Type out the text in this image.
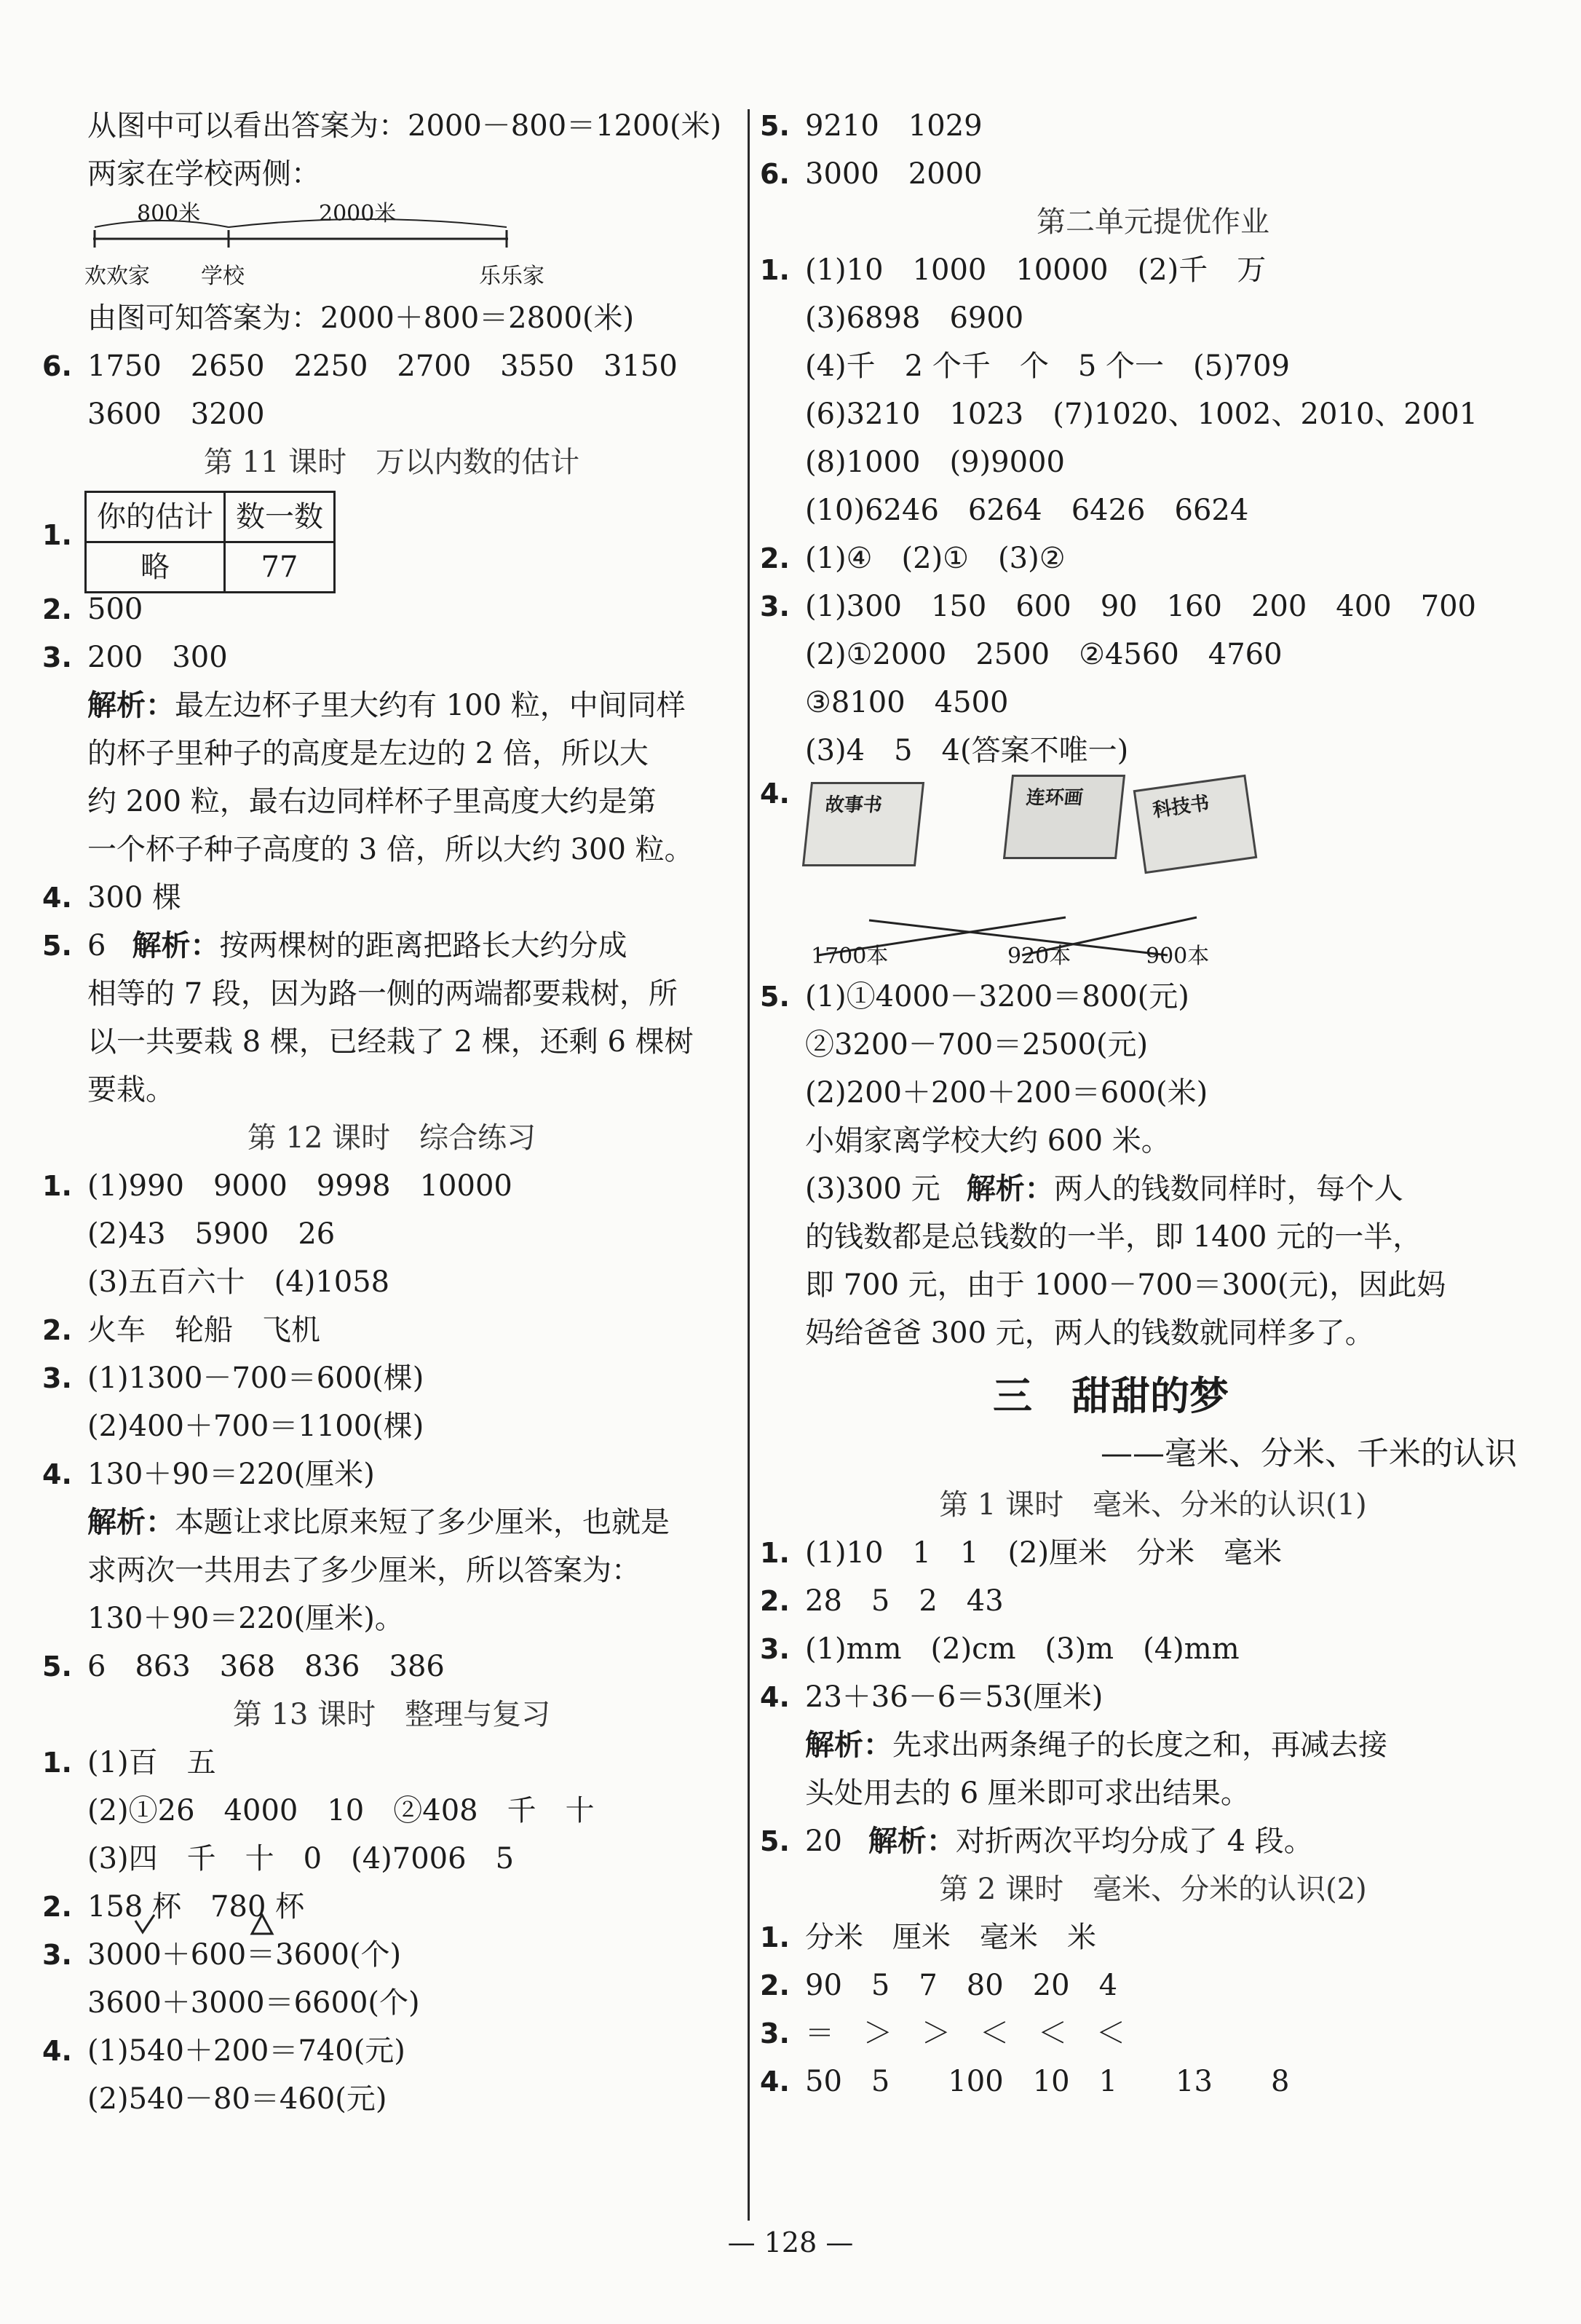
从图中可以看出答案为：2000－800＝1200(米)
两家在学校两侧：
800米	2000米
欢欢家 学校	乐乐家
由图可知答案为：2000＋800＝2800(米)
6. 1750　2650　2250　2700　3550　3150
3600　3200
第 11 课时　万以内数的估计
1.
你的估计	数一数
略	77
2. 500
3. 200　300
解析：最左边杯子里大约有 100 粒，中间同样
的杯子里种子的高度是左边的 2 倍，所以大
约 200 粒，最右边同样杯子里高度大约是第
一个杯子种子高度的 3 倍，所以大约 300 粒。
4. 300 棵
5. 6 解析：按两棵树的距离把路长大约分成
相等的 7 段，因为路一侧的两端都要栽树，所
以一共要栽 8 棵，已经栽了 2 棵，还剩 6 棵树
要栽。
第 12 课时　综合练习
1. (1)990　9000　9998　10000
(2)43　5900　26
(3)五百六十　(4)1058
2. 火车　轮船　飞机
3. (1)1300－700＝600(棵)
(2)400＋700＝1100(棵)
4. 130＋90＝220(厘米)
解析：本题让求比原来短了多少厘米，也就是
求两次一共用去了多少厘米，所以答案为：
130＋90＝220(厘米)。
5. 6　863　368　836　386
第 13 课时　整理与复习
1. (1)百　五
(2)①26　4000　10　②408　千　十
(3)四　千　十　0　(4)7006　5
2. 158 杯　780 杯
3. 3000＋600＝3600(个)
3600＋3000＝6600(个)
4. (1)540＋200＝740(元)
(2)540－80＝460(元)
5. 9210　1029
6. 3000　2000
第二单元提优作业
1. (1)10　1000　10000　(2)千　万
(3)6898　6900
(4)千　2 个千　个　5 个一　(5)709
(6)3210　1023　(7)1020、1002、2010、2001
(8)1000　(9)9000
(10)6246　6264　6426　6624
2. (1)④　(2)①　(3)②
3. (1)300　150　600　90　160　200　400　700
(2)①2000　2500　②4560　4760
③8100　4500
(3)4　5　4(答案不唯一)
4. 故事书	连环画	科技书
1700本	920本	900本
5. (1)①4000－3200＝800(元)
②3200－700＝2500(元)
(2)200＋200＋200＝600(米)
小娟家离学校大约 600 米。
(3)300 元 解析：两人的钱数同样时，每个人
的钱数都是总钱数的一半，即 1400 元的一半，
即 700 元，由于 1000－700＝300(元)，因此妈
妈给爸爸 300 元，两人的钱数就同样多了。
三　甜甜的梦
——毫米、分米、千米的认识
第 1 课时　毫米、分米的认识(1)
1. (1)10　1　1　(2)厘米　分米　毫米
2. 28　5　2　43
3. (1)mm　(2)cm　(3)m　(4)mm
4. 23＋36－6＝53(厘米)
解析：先求出两条绳子的长度之和，再减去接
头处用去的 6 厘米即可求出结果。
5. 20 解析：对折两次平均分成了 4 段。
第 2 课时　毫米、分米的认识(2)
1. 分米　厘米　毫米　米
2. 90　5　7　80　20　4
3. ＝　＞　＞　＜　＜　＜
4. 50　5　　100　10　1　　13　　8
— 128 —
